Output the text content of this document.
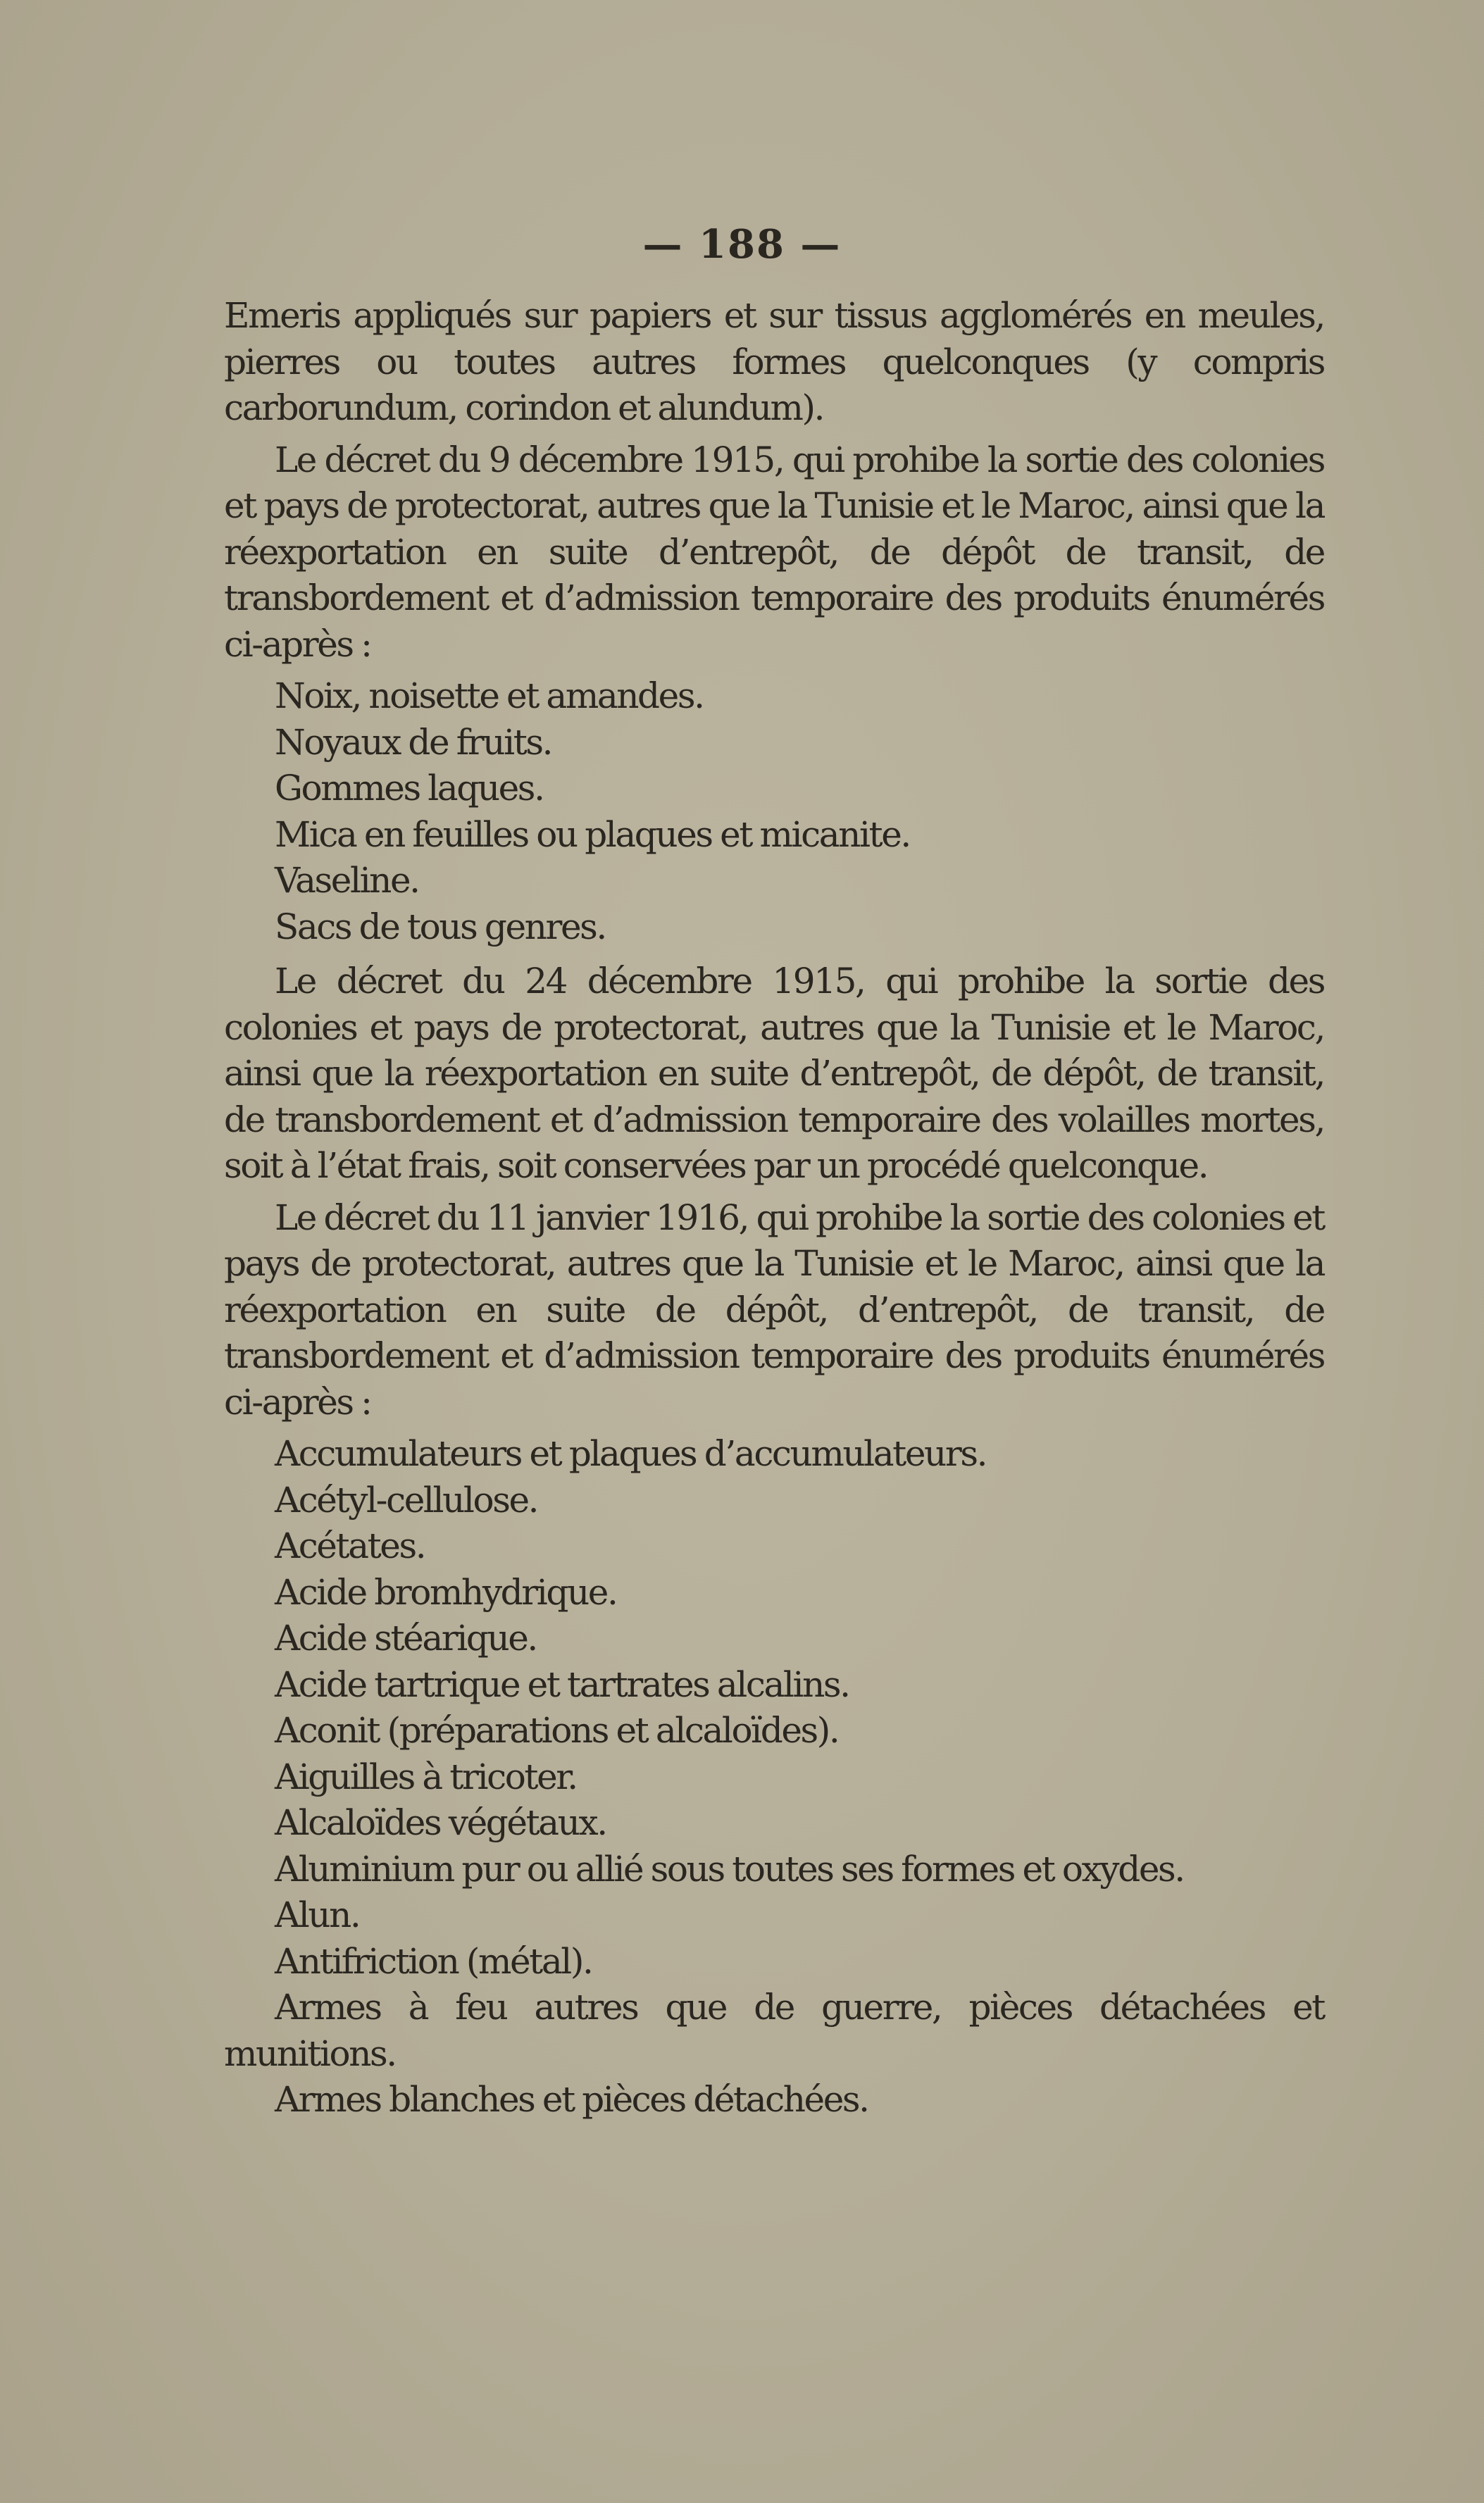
— 188 —

Emeris appliqués sur papiers et sur tissus agglomérés en meules, pierres ou toutes autres formes quelconques (y compris carborundum, corindon et alundum).

Le décret du 9 décembre 1915, qui prohibe la sortie des colonies et pays de protectorat, autres que la Tunisie et le Maroc, ainsi que la réexportation en suite d’entrepôt, de dépôt de transit, de transbordement et d’admission temporaire des produits énumérés ci-après :

Noix, noisette et amandes.
Noyaux de fruits.
Gommes laques.
Mica en feuilles ou plaques et micanite.
Vaseline.
Sacs de tous genres.

Le décret du 24 décembre 1915, qui prohibe la sortie des colonies et pays de protectorat, autres que la Tunisie et le Maroc, ainsi que la réexportation en suite d’entrepôt, de dépôt, de transit, de transbordement et d’admission temporaire des volailles mortes, soit à l’état frais, soit conservées par un procédé quelconque.

Le décret du 11 janvier 1916, qui prohibe la sortie des colonies et pays de protectorat, autres que la Tunisie et le Maroc, ainsi que la réexportation en suite de dépôt, d’entrepôt, de transit, de transbordement et d’admission temporaire des produits énumérés ci-après :

Accumulateurs et plaques d’accumulateurs.
Acétyl-cellulose.
Acétates.
Acide bromhydrique.
Acide stéarique.
Acide tartrique et tartrates alcalins.
Aconit (préparations et alcaloïdes).
Aiguilles à tricoter.
Alcaloïdes végétaux.
Aluminium pur ou allié sous toutes ses formes et oxydes.
Alun.
Antifriction (métal).
Armes à feu autres que de guerre, pièces détachées et munitions.
Armes blanches et pièces détachées.
